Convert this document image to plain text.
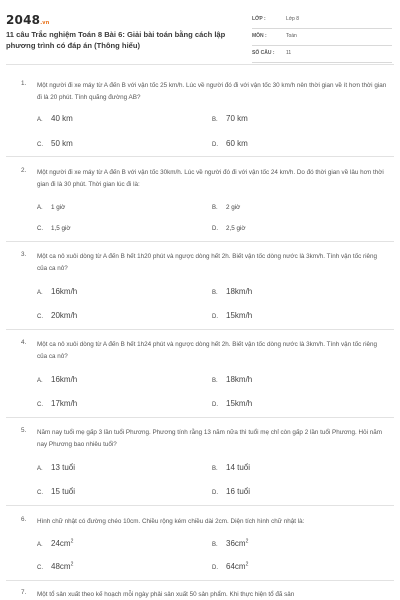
2048.vn
11 câu Trắc nghiệm Toán 8 Bài 6: Giải bài toán bằng cách lập phương trình có đáp án (Thông hiểu)
LỚP :	Lớp 8
MÔN :	Toán
SỐ CÂU : 11
1. Một người đi xe máy từ A đến B với vận tốc 25 km/h. Lúc về người đó đi với vận tốc 30 km/h nên thời gian về ít hơn thời gian đi là 20 phút. Tính quãng đường AB?
A. 40 km	B. 70 km
C. 50 km	D. 60 km
2. Một người đi xe máy từ A đến B với vận tốc 30km/h. Lúc về người đó đi với vận tốc 24 km/h. Do đó thời gian về lâu hơn thời gian đi là 30 phút. Thời gian lúc đi là:
A. 1 giờ	B. 2 giờ
C. 1,5 giờ	D. 2,5 giờ
3. Một ca nô xuôi dòng từ A đến B hết 1h20 phút và ngược dòng hết 2h. Biết vận tốc dòng nước là 3km/h. Tính vận tốc riêng của ca nô?
A. 16km/h	B. 18km/h
C. 20km/h	D. 15km/h
4. Một ca nô xuôi dòng từ A đến B hết 1h24 phút và ngược dòng hết 2h. Biết vận tốc dòng nước là 3km/h. Tính vận tốc riêng của ca nô?
A. 16km/h	B. 18km/h
C. 17km/h	D. 15km/h
5. Năm nay tuổi mẹ gấp 3 lần tuổi Phương. Phương tính rằng 13 năm nữa thì tuổi mẹ chỉ còn gấp 2 lần tuổi Phương. Hỏi năm nay Phương bao nhiêu tuổi?
A. 13 tuổi	B. 14 tuổi
C. 15 tuổi	D. 16 tuổi
6. Hình chữ nhật có đường chéo 10cm. Chiều rộng kém chiều dài 2cm. Diện tích hình chữ nhật là:
A. $24cm^2$
B. $36cm^2$
C. $48cm^2$
D. $64cm^2$
7. Một tổ sản xuất theo kế hoạch mỗi ngày phải sản xuất 50 sản phẩm. Khi thực hiện tổ đã sản
